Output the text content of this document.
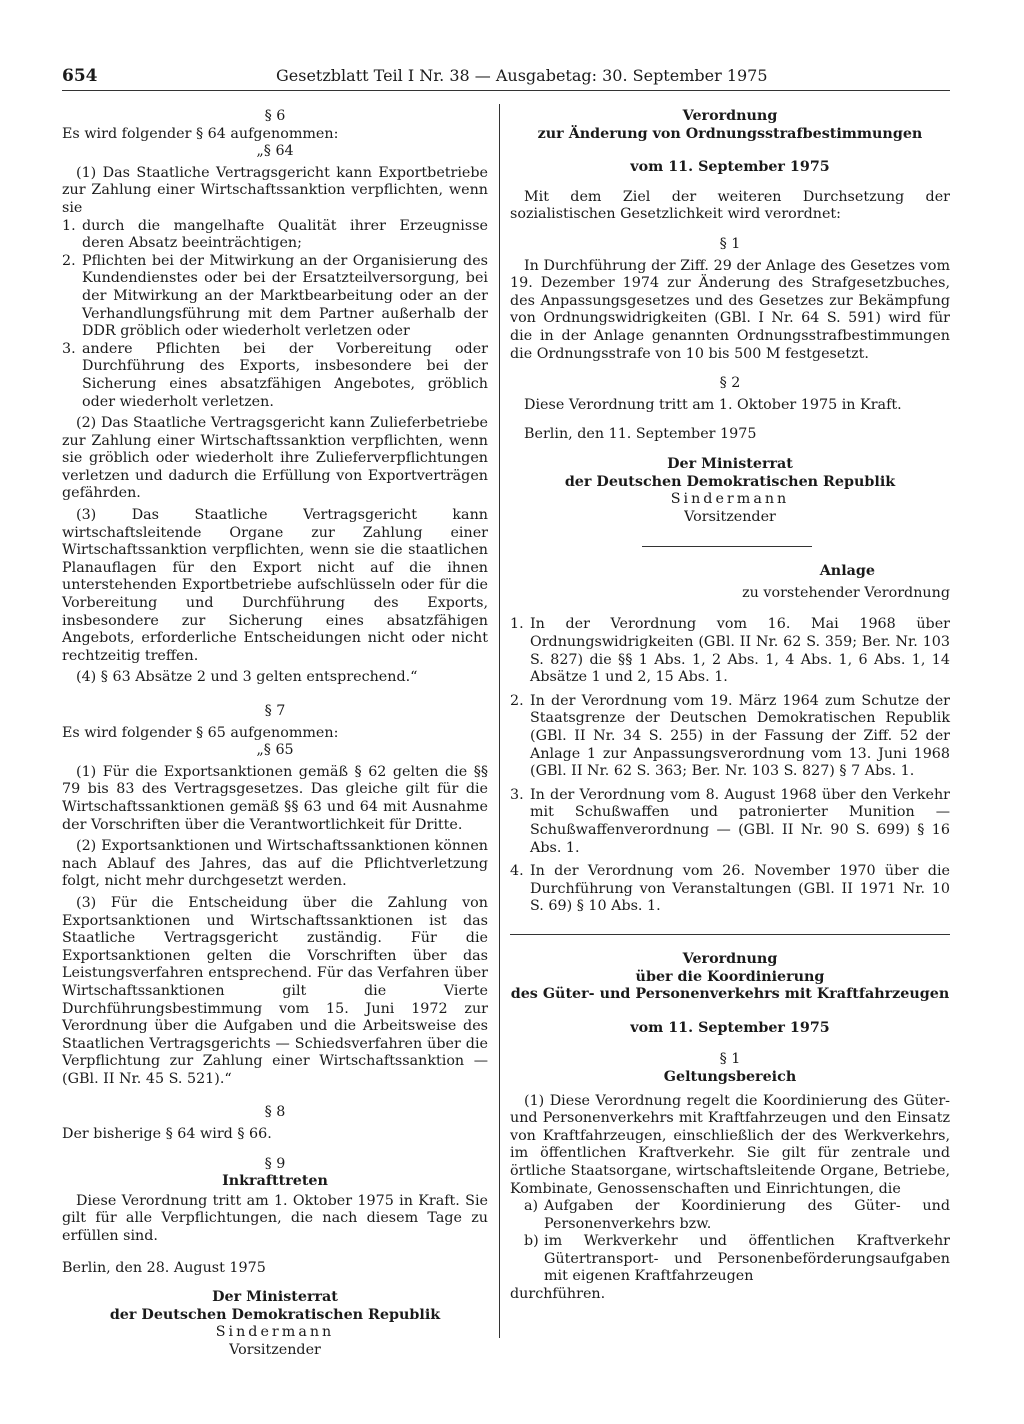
654	Gesetzblatt Teil I Nr. 38 — Ausgabetag: 30. September 1975

§ 6

Es wird folgender § 64 aufgenommen:

„§ 64

(1) Das Staatliche Vertragsgericht kann Exportbetriebe zur Zahlung einer Wirtschaftssanktion verpflichten, wenn sie

1. durch die mangelhafte Qualität ihrer Erzeugnisse deren Absatz beeinträchtigen;
2. Pflichten bei der Mitwirkung an der Organisierung des Kundendienstes oder bei der Ersatzteilversorgung, bei der Mitwirkung an der Marktbearbeitung oder an der Verhandlungsführung mit dem Partner außerhalb der DDR gröblich oder wiederholt verletzen oder
3. andere Pflichten bei der Vorbereitung oder Durchführung des Exports, insbesondere bei der Sicherung eines absatzfähigen Angebotes, gröblich oder wiederholt verletzen.

(2) Das Staatliche Vertragsgericht kann Zulieferbetriebe zur Zahlung einer Wirtschaftssanktion verpflichten, wenn sie gröblich oder wiederholt ihre Zulieferverpflichtungen verletzen und dadurch die Erfüllung von Exportverträgen gefährden.

(3) Das Staatliche Vertragsgericht kann wirtschaftsleitende Organe zur Zahlung einer Wirtschaftssanktion verpflichten, wenn sie die staatlichen Planauflagen für den Export nicht auf die ihnen unterstehenden Exportbetriebe aufschlüsseln oder für die Vorbereitung und Durchführung des Exports, insbesondere zur Sicherung eines absatzfähigen Angebots, erforderliche Entscheidungen nicht oder nicht rechtzeitig treffen.

(4) § 63 Absätze 2 und 3 gelten entsprechend.“

§ 7

Es wird folgender § 65 aufgenommen:

„§ 65

(1) Für die Exportsanktionen gemäß § 62 gelten die §§ 79 bis 83 des Vertragsgesetzes. Das gleiche gilt für die Wirtschaftssanktionen gemäß §§ 63 und 64 mit Ausnahme der Vorschriften über die Verantwortlichkeit für Dritte.

(2) Exportsanktionen und Wirtschaftssanktionen können nach Ablauf des Jahres, das auf die Pflichtverletzung folgt, nicht mehr durchgesetzt werden.

(3) Für die Entscheidung über die Zahlung von Exportsanktionen und Wirtschaftssanktionen ist das Staatliche Vertragsgericht zuständig. Für die Exportsanktionen gelten die Vorschriften über das Leistungsverfahren entsprechend. Für das Verfahren über Wirtschaftssanktionen gilt die Vierte Durchführungsbestimmung vom 15. Juni 1972 zur Verordnung über die Aufgaben und die Arbeitsweise des Staatlichen Vertragsgerichts — Schiedsverfahren über die Verpflichtung zur Zahlung einer Wirtschaftssanktion — (GBl. II Nr. 45 S. 521).“

§ 8

Der bisherige § 64 wird § 66.

§ 9

Inkrafttreten

Diese Verordnung tritt am 1. Oktober 1975 in Kraft. Sie gilt für alle Verpflichtungen, die nach diesem Tage zu erfüllen sind.

Berlin, den 28. August 1975

Der Ministerrat

der Deutschen Demokratischen Republik

Sindermann

Vorsitzender

Verordnung

zur Änderung von Ordnungsstrafbestimmungen

vom 11. September 1975

Mit dem Ziel der weiteren Durchsetzung der sozialistischen Gesetzlichkeit wird verordnet:

§ 1

In Durchführung der Ziff. 29 der Anlage des Gesetzes vom 19. Dezember 1974 zur Änderung des Strafgesetzbuches, des Anpassungsgesetzes und des Gesetzes zur Bekämpfung von Ordnungswidrigkeiten (GBl. I Nr. 64 S. 591) wird für die in der Anlage genannten Ordnungsstrafbestimmungen die Ordnungsstrafe von 10 bis 500 M festgesetzt.

§ 2

Diese Verordnung tritt am 1. Oktober 1975 in Kraft.

Berlin, den 11. September 1975

Der Ministerrat

der Deutschen Demokratischen Republik

Sindermann

Vorsitzender

Anlage

zu vorstehender Verordnung

1. In der Verordnung vom 16. Mai 1968 über Ordnungswidrigkeiten (GBl. II Nr. 62 S. 359; Ber. Nr. 103 S. 827) die §§ 1 Abs. 1, 2 Abs. 1, 4 Abs. 1, 6 Abs. 1, 14 Absätze 1 und 2, 15 Abs. 1.
2. In der Verordnung vom 19. März 1964 zum Schutze der Staatsgrenze der Deutschen Demokratischen Republik (GBl. II Nr. 34 S. 255) in der Fassung der Ziff. 52 der Anlage 1 zur Anpassungsverordnung vom 13. Juni 1968 (GBl. II Nr. 62 S. 363; Ber. Nr. 103 S. 827) § 7 Abs. 1.
3. In der Verordnung vom 8. August 1968 über den Verkehr mit Schußwaffen und patronierter Munition — Schußwaffenverordnung — (GBl. II Nr. 90 S. 699) § 16 Abs. 1.
4. In der Verordnung vom 26. November 1970 über die Durchführung von Veranstaltungen (GBl. II 1971 Nr. 10 S. 69) § 10 Abs. 1.

Verordnung

über die Koordinierung

des Güter- und Personenverkehrs mit Kraftfahrzeugen

vom 11. September 1975

§ 1

Geltungsbereich

(1) Diese Verordnung regelt die Koordinierung des Güter- und Personenverkehrs mit Kraftfahrzeugen und den Einsatz von Kraftfahrzeugen, einschließlich der des Werkverkehrs, im öffentlichen Kraftverkehr. Sie gilt für zentrale und örtliche Staatsorgane, wirtschaftsleitende Organe, Betriebe, Kombinate, Genossenschaften und Einrichtungen, die

a) Aufgaben der Koordinierung des Güter- und Personenverkehrs bzw.
b) im Werkverkehr und öffentlichen Kraftverkehr Gütertransport- und Personenbeförderungsaufgaben mit eigenen Kraftfahrzeugen

durchführen.
